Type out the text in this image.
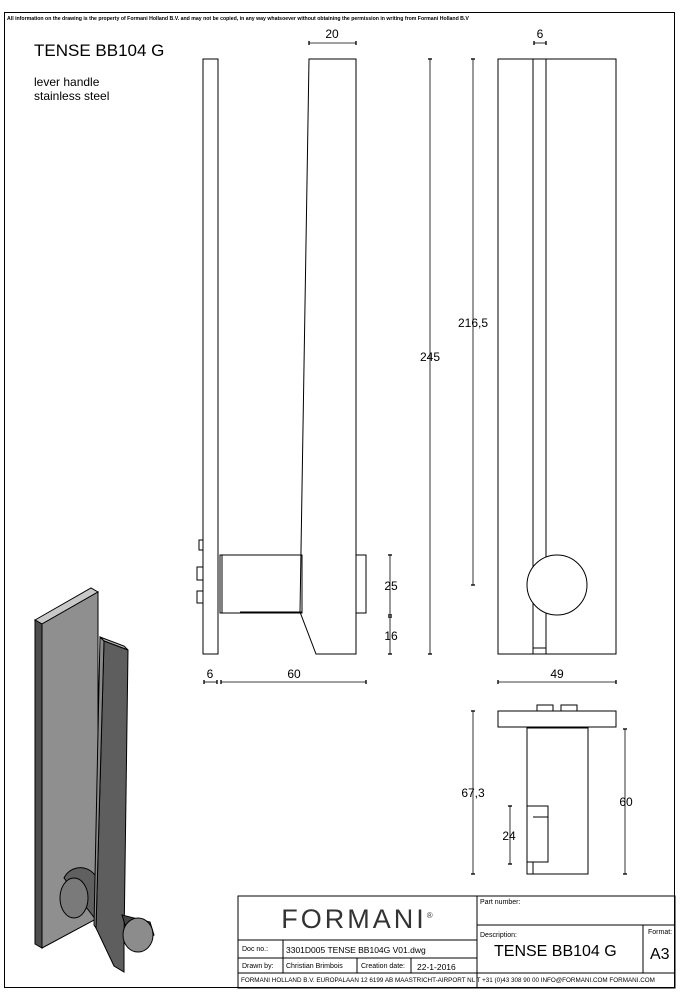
All information on the drawing is the property of Formani Holland B.V. and may not be copied, in any way whatsoever without obtaining the permission in writing from Formani Holland B.V
TENSE BB104 G
lever handle
stainless steel
20	6
245
216,5
25
16
6	60	49
67,3
60
24
FORMANI®
Part number:
Description:
TENSE BB104 G
Format:
A3
Doc no.: 3301D005 TENSE BB104G V01.dwg
Drawn by: Christian Brimbois	Creation date: 22-1-2016
FORMANI HOLLAND B.V. EUROPALAAN 12 6199 AB MAASTRICHT-AIRPORT NL T +31 (0)43 308 90 00 INFO@FORMANI.COM FORMANI.COM
